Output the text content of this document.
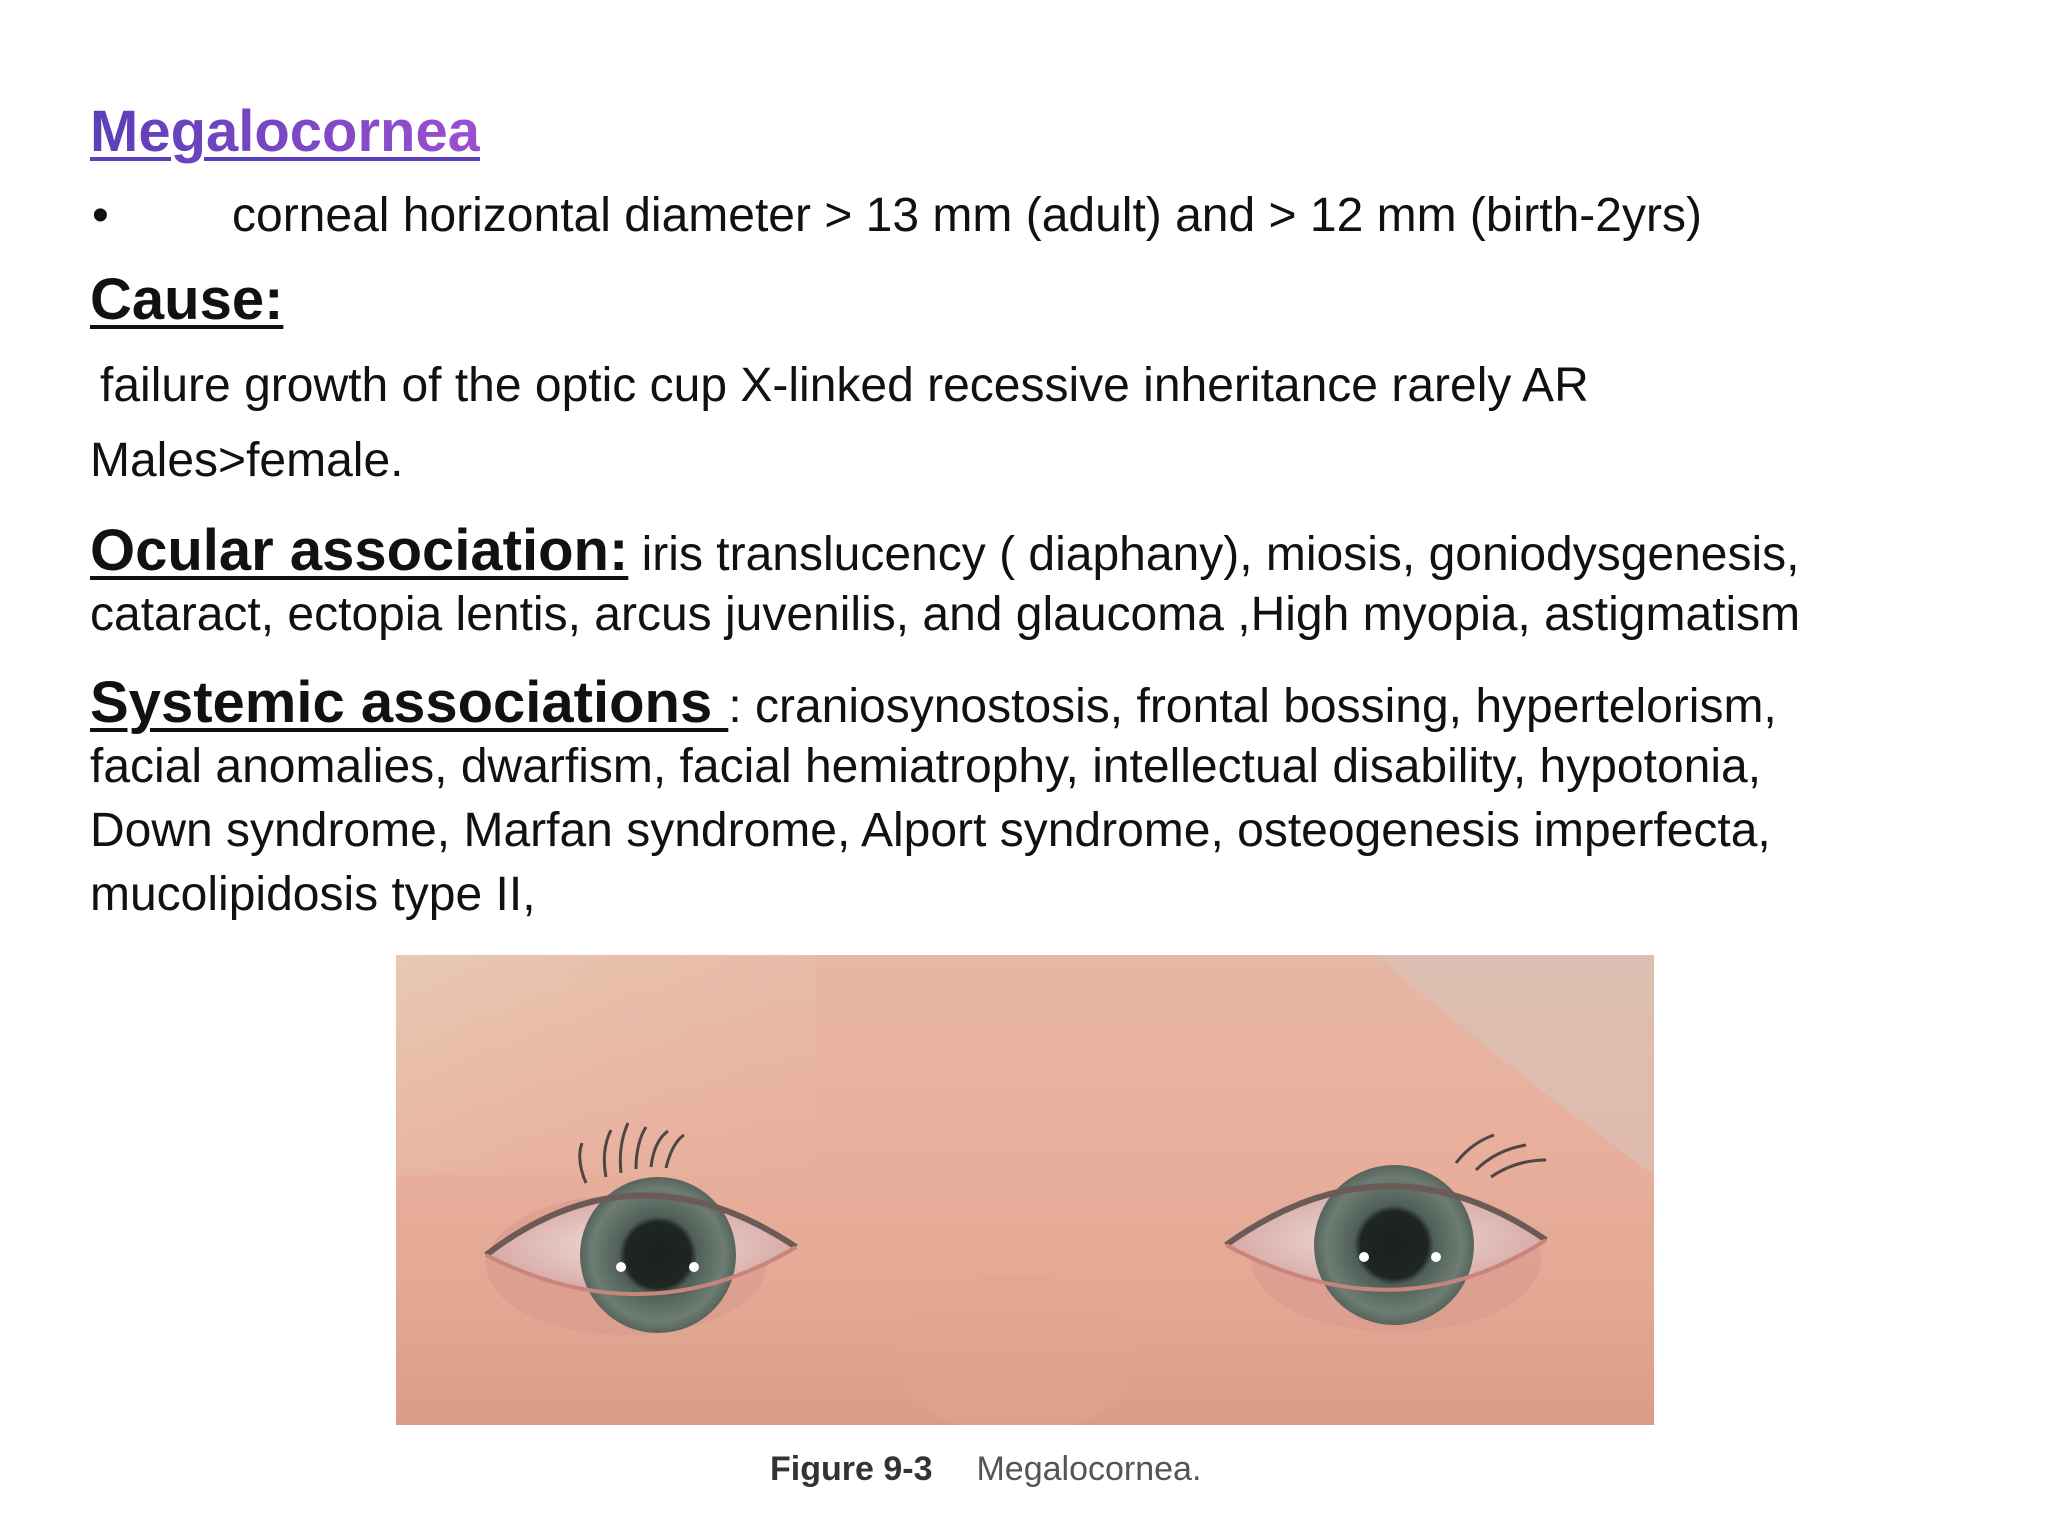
Megalocornea
•	corneal horizontal diameter > 13 mm (adult) and > 12 mm (birth-2yrs)
Cause:
failure growth of the optic cup X-linked recessive inheritance rarely AR
Males>female.
Ocular association: iris translucency ( diaphany), miosis, goniodysgenesis,
cataract, ectopia lentis, arcus juvenilis, and glaucoma ,High myopia, astigmatism
Systemic associations : craniosynostosis, frontal bossing, hypertelorism,
facial anomalies, dwarfism, facial hemiatrophy, intellectual disability, hypotonia,
Down syndrome, Marfan syndrome, Alport syndrome, osteogenesis imperfecta,
mucolipidosis type II,
Figure 9-3 Megalocornea.
